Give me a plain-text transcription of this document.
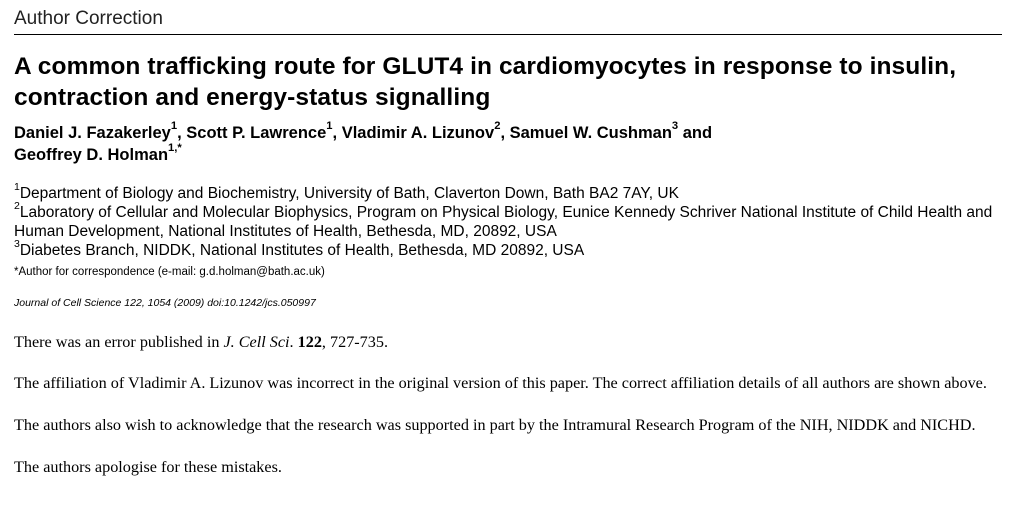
Author Correction
A common trafficking route for GLUT4 in cardiomyocytes in response to insulin, contraction and energy-status signalling
Daniel J. Fazakerley$^1$, Scott P. Lawrence$^1$, Vladimir A. Lizunov$^2$, Samuel W. Cushman$^3$ and
Geoffrey D. Holman$^{1,*}$
$^1$Department of Biology and Biochemistry, University of Bath, Claverton Down, Bath BA2 7AY, UK
$^2$Laboratory of Cellular and Molecular Biophysics, Program on Physical Biology, Eunice Kennedy Schriver National Institute of Child Health and Human Development, National Institutes of Health, Bethesda, MD, 20892, USA
$^3$Diabetes Branch, NIDDK, National Institutes of Health, Bethesda, MD 20892, USA
*Author for correspondence (e-mail: g.d.holman@bath.ac.uk)
Journal of Cell Science 122, 1054 (2009) doi:10.1242/jcs.050997
There was an error published in J. Cell Sci. 122, 727-735.
The affiliation of Vladimir A. Lizunov was incorrect in the original version of this paper. The correct affiliation details of all authors are shown above.
The authors also wish to acknowledge that the research was supported in part by the Intramural Research Program of the NIH, NIDDK and NICHD.
The authors apologise for these mistakes.
